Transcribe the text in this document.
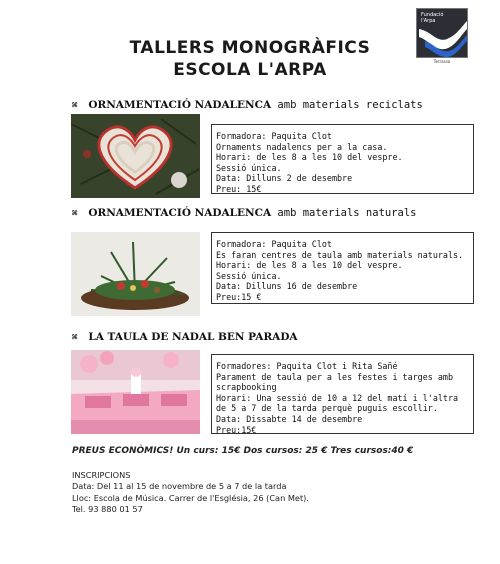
Fundació
l'Arpa
Terrassa
TALLERS MONOGRÀFICS
ESCOLA L'ARPA
⌘ ORNAMENTACIÓ NADALENCA amb materials reciclats
Formadora: Paquita Clot
Ornaments nadalencs per a la casa.
Horari: de les 8 a les 10 del vespre.
Sessió única.
Data: Dilluns 2 de desembre
Preu: 15€
⌘ ORNAMENTACIÓ NADALENCA amb materials naturals
Formadora: Paquita Clot
Es faran centres de taula amb materials naturals.
Horari: de les 8 a les 10 del vespre.
Sessió única.
Data: Dilluns 16 de desembre
Preu:15 €
⌘ LA TAULA DE NADAL BEN PARADA
Formadores: Paquita Clot i Rita Sañé
Parament de taula per a les festes i targes amb scrapbooking
Horari: Una sessió de 10 a 12 del matí i l'altra de 5 a 7 de la tarda perquè puguis escollir.
Data: Dissabte 14 de desembre
Preu:15€
PREUS ECONÒMICS! Un curs: 15€ Dos cursos: 25 € Tres cursos:40 €
INSCRIPCIONS
Data: Del 11 al 15 de novembre de 5 a 7 de la tarda
Lloc: Escola de Música. Carrer de l'Església, 26 (Can Met).
Tel. 93 880 01 57
